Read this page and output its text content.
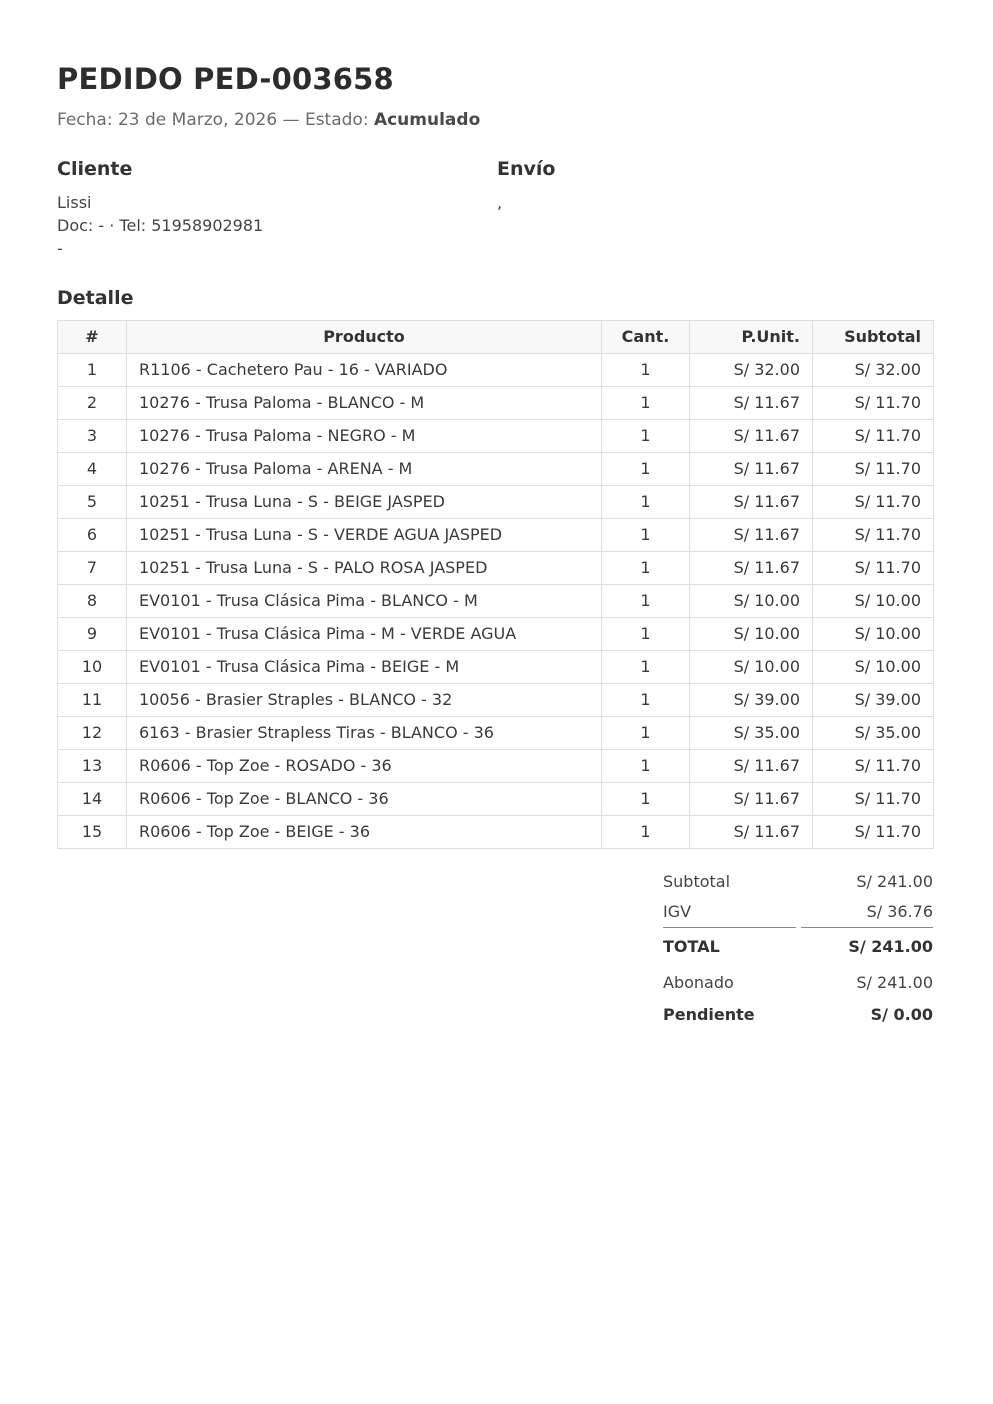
PEDIDO PED-003658
Fecha: 23 de Marzo, 2026 — Estado: Acumulado
Cliente
Lissi
Doc: - · Tel: 51958902981
-
Envío
,
Detalle
#	Producto	Cant.	P.Unit.	Subtotal
1	R1106 - Cachetero Pau - 16 - VARIADO	1	S/ 32.00	S/ 32.00
2	10276 - Trusa Paloma - BLANCO - M	1	S/ 11.67	S/ 11.70
3	10276 - Trusa Paloma - NEGRO - M	1	S/ 11.67	S/ 11.70
4	10276 - Trusa Paloma - ARENA - M	1	S/ 11.67	S/ 11.70
5	10251 - Trusa Luna - S - BEIGE JASPED	1	S/ 11.67	S/ 11.70
6	10251 - Trusa Luna - S - VERDE AGUA JASPED	1	S/ 11.67	S/ 11.70
7	10251 - Trusa Luna - S - PALO ROSA JASPED	1	S/ 11.67	S/ 11.70
8	EV0101 - Trusa Clásica Pima - BLANCO - M	1	S/ 10.00	S/ 10.00
9	EV0101 - Trusa Clásica Pima - M - VERDE AGUA	1	S/ 10.00	S/ 10.00
10	EV0101 - Trusa Clásica Pima - BEIGE - M	1	S/ 10.00	S/ 10.00
11	10056 - Brasier Straples - BLANCO - 32	1	S/ 39.00	S/ 39.00
12	6163 - Brasier Strapless Tiras - BLANCO - 36	1	S/ 35.00	S/ 35.00
13	R0606 - Top Zoe - ROSADO - 36	1	S/ 11.67	S/ 11.70
14	R0606 - Top Zoe - BLANCO - 36	1	S/ 11.67	S/ 11.70
15	R0606 - Top Zoe - BEIGE - 36	1	S/ 11.67	S/ 11.70
Subtotal	S/ 241.00
IGV	S/ 36.76
TOTAL	S/ 241.00
Abonado	S/ 241.00
Pendiente	S/ 0.00
